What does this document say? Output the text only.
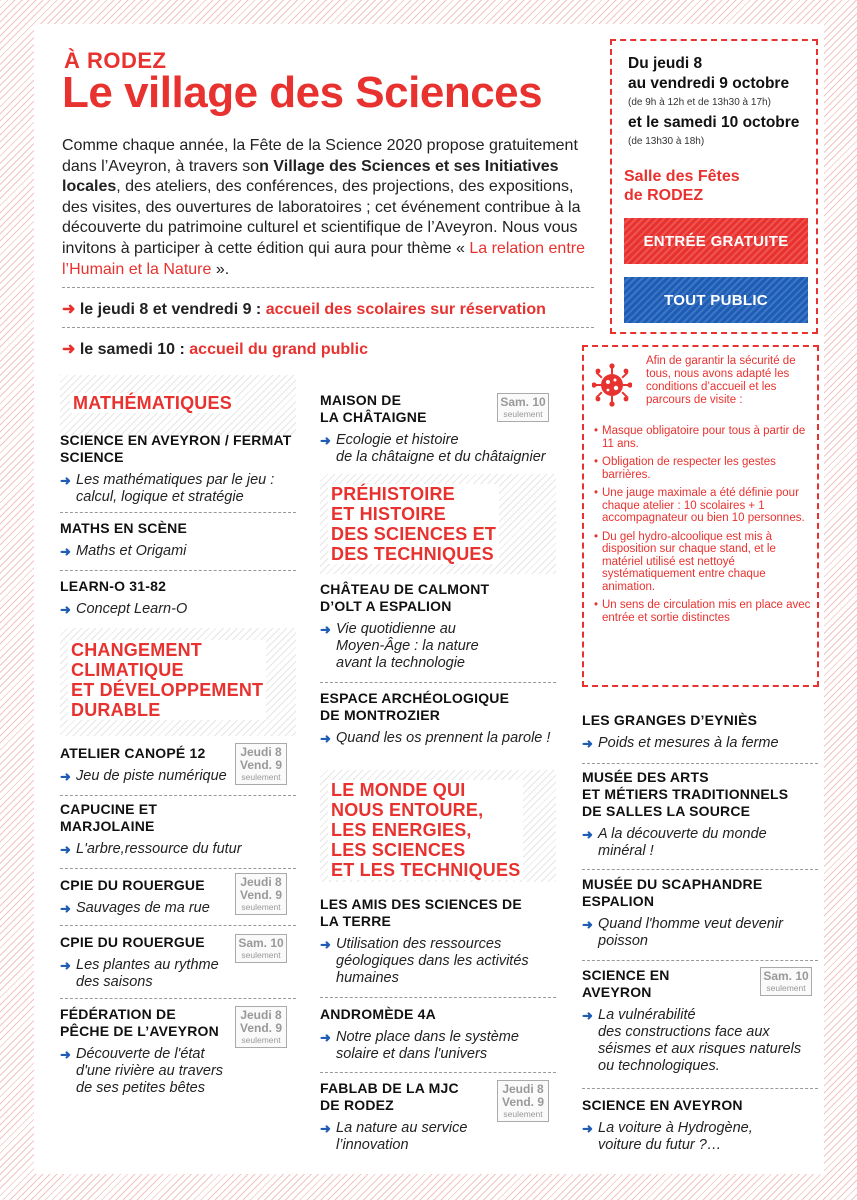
À RODEZ
Le village des Sciences
Comme chaque année, la Fête de la Science 2020 propose gratuitement dans l’Aveyron, à travers son Village des Sciences et ses Initiatives locales, des ateliers, des conférences, des projections, des expositions, des visites, des ouvertures de laboratoires ; cet événement contribue à la découverte du patrimoine culturel et scientifique de l’Aveyron. Nous vous invitons à participer à cette édition qui aura pour thème « La relation entre l’Humain et la Nature ».
➜ le jeudi 8 et vendredi 9 : accueil des scolaires sur réservation
➜ le samedi 10 : accueil du grand public
Du jeudi 8
au vendredi 9 octobre
(de 9h à 12h et de 13h30 à 17h)
et le samedi 10 octobre
(de 13h30 à 18h)
Salle des Fêtes
de RODEZ
ENTRÉE GRATUITE
TOUT PUBLIC
Afin de garantir la sécurité de tous, nous avons adapté les conditions d’accueil et les parcours de visite :
• Masque obligatoire pour tous à partir de 11 ans.
• Obligation de respecter les gestes barrières.
• Une jauge maximale a été définie pour chaque atelier : 10 scolaires + 1 accompagnateur ou bien 10 personnes.
• Du gel hydro-alcoolique est mis à disposition sur chaque stand, et le matériel utilisé est nettoyé systématiquement entre chaque animation.
• Un sens de circulation mis en place avec entrée et sortie distinctes
MATHÉMATIQUES
SCIENCE EN AVEYRON / FERMAT SCIENCE
➜ Les mathématiques par le jeu : calcul, logique et stratégie
MATHS EN SCÈNE
➜ Maths et Origami
LEARN-O 31-82
➜ Concept Learn-O
CHANGEMENT
CLIMATIQUE
ET DÉVELOPPEMENT
DURABLE
ATELIER CANOPÉ 12
➜ Jeu de piste numérique
Jeudi 8
Vend. 9
seulement
CAPUCINE ET
MARJOLAINE
➜ L'arbre,ressource du futur
CPIE DU ROUERGUE
➜ Sauvages de ma rue
Jeudi 8
Vend. 9
seulement
CPIE DU ROUERGUE
➜ Les plantes au rythme
des saisons
Sam. 10
seulement
FÉDÉRATION DE
PÊCHE DE L’AVEYRON
➜ Découverte de l'état
d'une rivière au travers
de ses petites bêtes
Jeudi 8
Vend. 9
seulement
MAISON DE
LA CHÂTAIGNE
➜ Ecologie et histoire
de la châtaigne et du châtaignier
Sam. 10
seulement
PRÉHISTOIRE
ET HISTOIRE
DES SCIENCES ET
DES TECHNIQUES
CHÂTEAU DE CALMONT
D’OLT A ESPALION
➜ Vie quotidienne au
Moyen-Âge : la nature
avant la technologie
ESPACE ARCHÉOLOGIQUE
DE MONTROZIER
➜ Quand les os prennent la parole !
LE MONDE QUI
NOUS ENTOURE,
LES ENERGIES,
LES SCIENCES
ET LES TECHNIQUES
LES AMIS DES SCIENCES DE
LA TERRE
➜ Utilisation des ressources
géologiques dans les activités
humaines
ANDROMÈDE 4A
➜ Notre place dans le système
solaire et dans l'univers
FABLAB DE LA MJC
DE RODEZ
➜ La nature au service
l’innovation
Jeudi 8
Vend. 9
seulement
LES GRANGES D’EYNIÈS
➜ Poids et mesures à la ferme
MUSÉE DES ARTS
ET MÉTIERS TRADITIONNELS
DE SALLES LA SOURCE
➜ A la découverte du monde
minéral !
MUSÉE DU SCAPHANDRE
ESPALION
➜ Quand l'homme veut devenir
poisson
SCIENCE EN
AVEYRON
➜ La vulnérabilité
des constructions face aux
séismes et aux risques naturels
ou technologiques.
Sam. 10
seulement
SCIENCE EN AVEYRON
➜ La voiture à Hydrogène,
voiture du futur ?…
